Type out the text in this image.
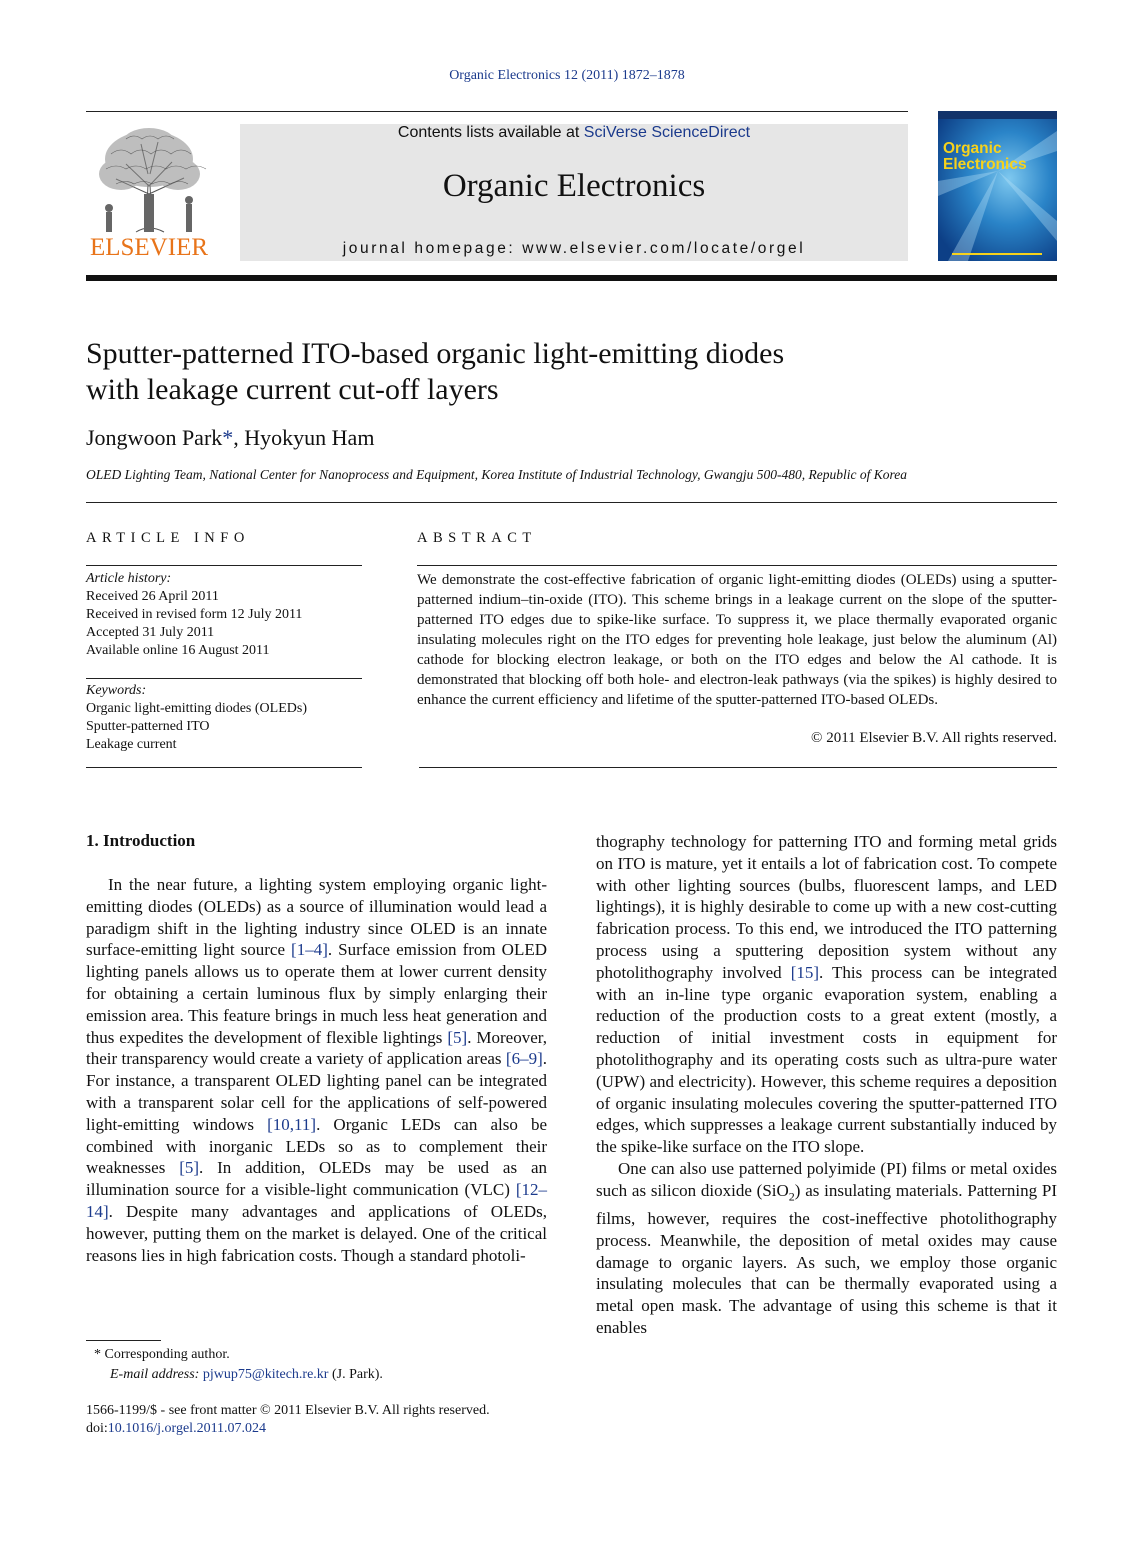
Organic Electronics 12 (2011) 1872–1878
ELSEVIER
Contents lists available at SciVerse ScienceDirect
Organic Electronics
journal homepage: www.elsevier.com/locate/orgel
Organic Electronics
Sputter-patterned ITO-based organic light-emitting diodes
with leakage current cut-off layers
Jongwoon Park*, Hyokyun Ham
OLED Lighting Team, National Center for Nanoprocess and Equipment, Korea Institute of Industrial Technology, Gwangju 500-480, Republic of Korea
ARTICLE INFO
Article history:
Received 26 April 2011
Received in revised form 12 July 2011
Accepted 31 July 2011
Available online 16 August 2011
Keywords:
Organic light-emitting diodes (OLEDs)
Sputter-patterned ITO
Leakage current
ABSTRACT
We demonstrate the cost-effective fabrication of organic light-emitting diodes (OLEDs) using a sputter-patterned indium–tin-oxide (ITO). This scheme brings in a leakage current on the slope of the sputter-patterned ITO edges due to spike-like surface. To suppress it, we place thermally evaporated organic insulating molecules right on the ITO edges for preventing hole leakage, just below the aluminum (Al) cathode for blocking electron leakage, or both on the ITO edges and below the Al cathode. It is demonstrated that blocking off both hole- and electron-leak pathways (via the spikes) is highly desired to enhance the current efficiency and lifetime of the sputter-patterned ITO-based OLEDs.
© 2011 Elsevier B.V. All rights reserved.
1. Introduction

In the near future, a lighting system employing organic light-emitting diodes (OLEDs) as a source of illumination would lead a paradigm shift in the lighting industry since OLED is an innate surface-emitting light source [1–4]. Surface emission from OLED lighting panels allows us to operate them at lower current density for obtaining a certain luminous flux by simply enlarging their emission area. This feature brings in much less heat generation and thus expedites the development of flexible lightings [5]. Moreover, their transparency would create a variety of application areas [6–9]. For instance, a transparent OLED lighting panel can be integrated with a transparent solar cell for the applications of self-powered light-emitting windows [10,11]. Organic LEDs can also be combined with inorganic LEDs so as to complement their weaknesses [5]. In addition, OLEDs may be used as an illumination source for a visible-light communication (VLC) [12–14]. Despite many advantages and applications of OLEDs, however, putting them on the market is delayed. One of the critical reasons lies in high fabrication costs. Though a standard photoli-

thography technology for patterning ITO and forming metal grids on ITO is mature, yet it entails a lot of fabrication cost. To compete with other lighting sources (bulbs, fluorescent lamps, and LED lightings), it is highly desirable to come up with a new cost-cutting fabrication process. To this end, we introduced the ITO patterning process using a sputtering deposition system without any photolithography involved [15]. This process can be integrated with an in-line type organic evaporation system, enabling a reduction of the production costs to a great extent (mostly, a reduction of initial investment costs in equipment for photolithography and its operating costs such as ultra-pure water (UPW) and electricity). However, this scheme requires a deposition of organic insulating molecules covering the sputter-patterned ITO edges, which suppresses a leakage current substantially induced by the spike-like surface on the ITO slope.

One can also use patterned polyimide (PI) films or metal oxides such as silicon dioxide (SiO$_2$) as insulating materials. Patterning PI films, however, requires the cost-ineffective photolithography process. Meanwhile, the deposition of metal oxides may cause damage to organic layers. As such, we employ those organic insulating molecules that can be thermally evaporated using a metal open mask. The advantage of using this scheme is that it enables

* Corresponding author.
E-mail address: pjwup75@kitech.re.kr (J. Park).
1566-1199/$ - see front matter © 2011 Elsevier B.V. All rights reserved.
doi:10.1016/j.orgel.2011.07.024
